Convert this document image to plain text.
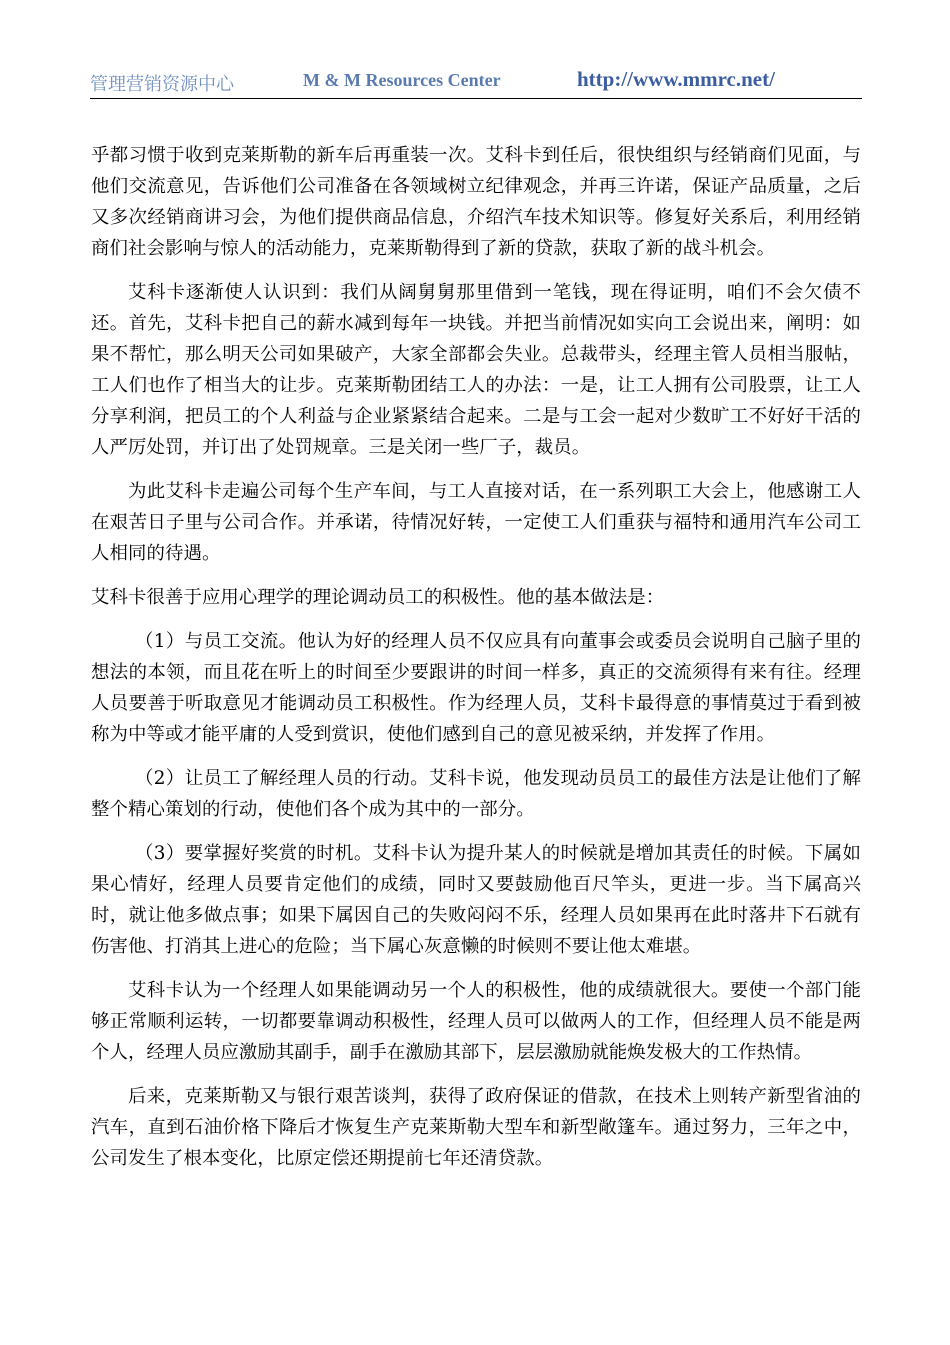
管理营销资源中心	M & M Resources Center	http://www.mmrc.net/

乎都习惯于收到克莱斯勒的新车后再重装一次。艾科卡到任后，很快组织与经销商们见面，与他们交流意见，告诉他们公司准备在各领域树立纪律观念，并再三许诺，保证产品质量，之后又多次经销商讲习会，为他们提供商品信息，介绍汽车技术知识等。修复好关系后，利用经销商们社会影响与惊人的活动能力，克莱斯勒得到了新的贷款，获取了新的战斗机会。

艾科卡逐渐使人认识到：我们从阔舅舅那里借到一笔钱，现在得证明，咱们不会欠债不还。首先，艾科卡把自己的薪水减到每年一块钱。并把当前情况如实向工会说出来，阐明：如果不帮忙，那么明天公司如果破产，大家全部都会失业。总裁带头，经理主管人员相当服帖，工人们也作了相当大的让步。克莱斯勒团结工人的办法：一是，让工人拥有公司股票，让工人分享利润，把员工的个人利益与企业紧紧结合起来。二是与工会一起对少数旷工不好好干活的人严厉处罚，并订出了处罚规章。三是关闭一些厂子，裁员。

为此艾科卡走遍公司每个生产车间，与工人直接对话，在一系列职工大会上，他感谢工人在艰苦日子里与公司合作。并承诺，待情况好转，一定使工人们重获与福特和通用汽车公司工人相同的待遇。

艾科卡很善于应用心理学的理论调动员工的积极性。他的基本做法是：

（1）与员工交流。他认为好的经理人员不仅应具有向董事会或委员会说明自己脑子里的想法的本领，而且花在听上的时间至少要跟讲的时间一样多，真正的交流须得有来有往。经理人员要善于听取意见才能调动员工积极性。作为经理人员，艾科卡最得意的事情莫过于看到被称为中等或才能平庸的人受到赏识，使他们感到自己的意见被采纳，并发挥了作用。

（2）让员工了解经理人员的行动。艾科卡说，他发现动员员工的最佳方法是让他们了解整个精心策划的行动，使他们各个成为其中的一部分。

（3）要掌握好奖赏的时机。艾科卡认为提升某人的时候就是增加其责任的时候。下属如果心情好，经理人员要肯定他们的成绩，同时又要鼓励他百尺竿头，更进一步。当下属高兴时，就让他多做点事；如果下属因自己的失败闷闷不乐，经理人员如果再在此时落井下石就有伤害他、打消其上进心的危险；当下属心灰意懒的时候则不要让他太难堪。

艾科卡认为一个经理人如果能调动另一个人的积极性，他的成绩就很大。要使一个部门能够正常顺利运转，一切都要靠调动积极性，经理人员可以做两人的工作，但经理人员不能是两个人，经理人员应激励其副手，副手在激励其部下，层层激励就能焕发极大的工作热情。

后来，克莱斯勒又与银行艰苦谈判，获得了政府保证的借款，在技术上则转产新型省油的汽车，直到石油价格下降后才恢复生产克莱斯勒大型车和新型敞篷车。通过努力，三年之中，公司发生了根本变化，比原定偿还期提前七年还清贷款。
